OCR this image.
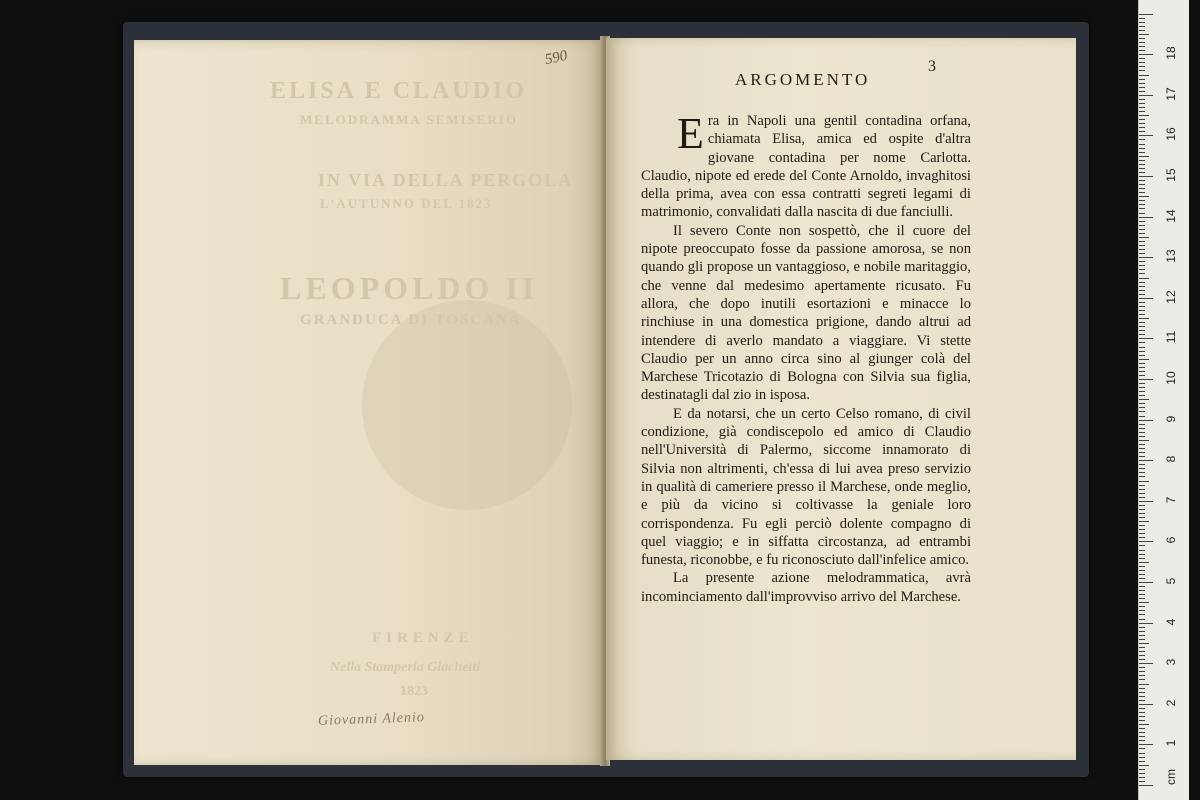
ELISA E CLAUDIO
MELODRAMMA SEMISERIO
IN VIA DELLA PERGOLA
L'AUTUNNO DEL 1823
LEOPOLDO II
GRANDUCA DI TOSCANA
FIRENZE
Nella Stamperia Giachetti
1823
590
Giovanni Alenio
ARGOMENTO
3

Era in Napoli una gentil contadina orfana, chiamata Elisa, amica ed ospite d'altra giovane contadina per nome Carlotta. Claudio, nipote ed erede del Conte Arnoldo, invaghitosi della prima, avea con essa contratti segreti legami di matrimonio, convalidati dalla nascita di due fanciulli.

Il severo Conte non sospettò, che il cuore del nipote preoccupato fosse da passione amorosa, se non quando gli propose un vantaggioso, e nobile maritaggio, che venne dal medesimo apertamente ricusato. Fu allora, che dopo inutili esortazioni e minacce lo rinchiuse in una domestica prigione, dando altrui ad intendere di averlo mandato a viaggiare. Vi stette Claudio per un anno circa sino al giunger colà del Marchese Tricotazio di Bologna con Silvia sua figlia, destinatagli dal zio in isposa.

E da notarsi, che un certo Celso romano, di civil condizione, già condiscepolo ed amico di Claudio nell'Università di Palermo, siccome innamorato di Silvia non altrimenti, ch'essa di lui avea preso servizio in qualità di cameriere presso il Marchese, onde meglio, e più da vicino si coltivasse la geniale loro corrispondenza. Fu egli perciò dolente compagno di quel viaggio; e in siffatta circostanza, ad entrambi funesta, riconobbe, e fu riconosciuto dall'infelice amico.

La presente azione melodrammatica, avrà incominciamento dall'improvviso arrivo del Marchese.

cm
1
2
3
4
5
6
7
8
9
10
11
12
13
14
15
16
17
18
